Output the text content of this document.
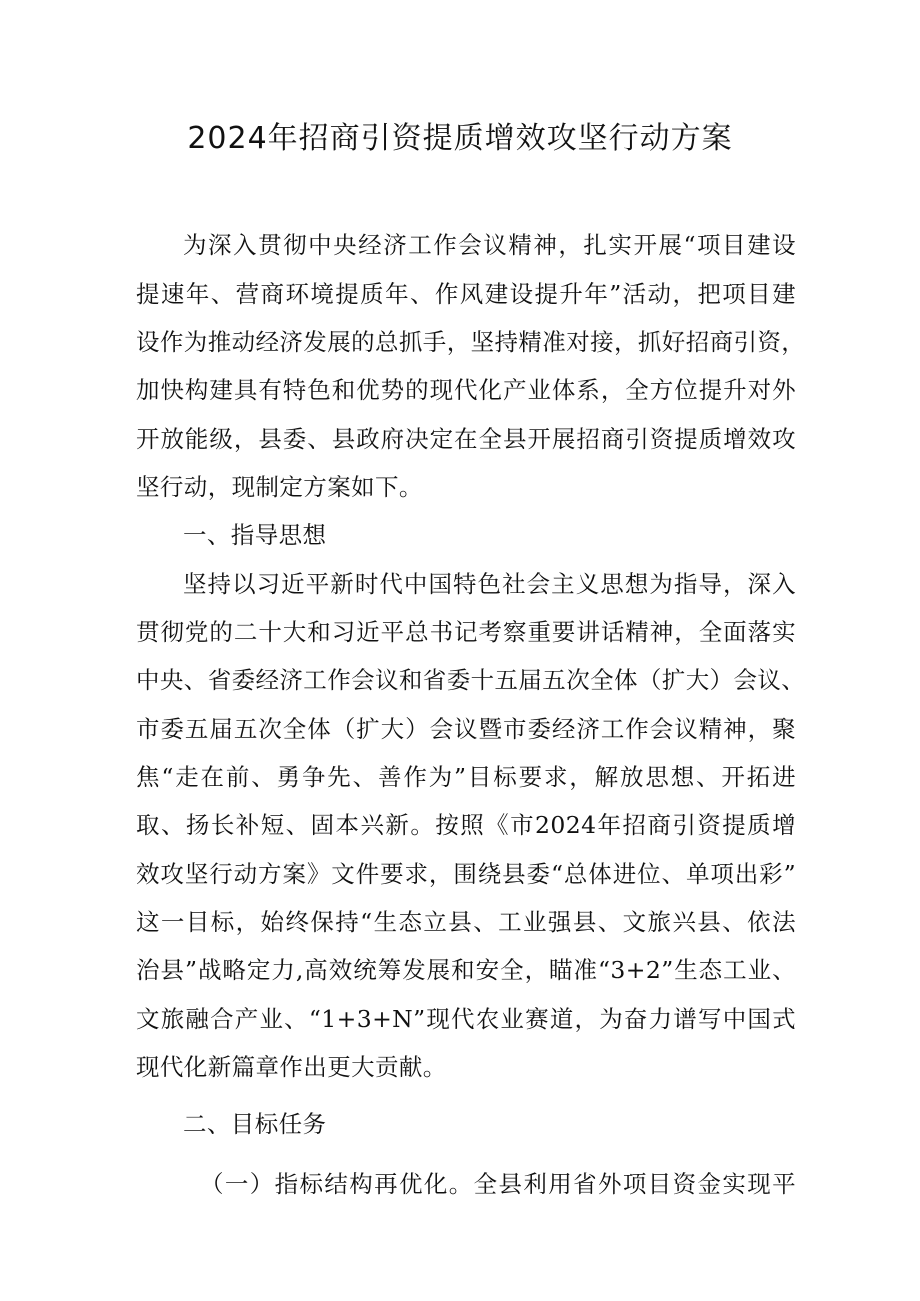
2024年招商引资提质增效攻坚行动方案

为深入贯彻中央经济工作会议精神，扎实开展“项目建设

提速年、营商环境提质年、作风建设提升年”活动，把项目建

设作为推动经济发展的总抓手，坚持精准对接，抓好招商引资，

加快构建具有特色和优势的现代化产业体系，全方位提升对外

开放能级，县委、县政府决定在全县开展招商引资提质增效攻

坚行动，现制定方案如下。

一、指导思想

坚持以习近平新时代中国特色社会主义思想为指导，深入

贯彻党的二十大和习近平总书记考察重要讲话精神，全面落实

中央、省委经济工作会议和省委十五届五次全体（扩大）会议、

市委五届五次全体（扩大）会议暨市委经济工作会议精神，聚

焦“走在前、勇争先、善作为”目标要求，解放思想、开拓进

取、扬长补短、固本兴新。按照《市2024年招商引资提质增

效攻坚行动方案》文件要求，围绕县委“总体进位、单项出彩”

这一目标，始终保持“生态立县、工业强县、文旅兴县、依法

治县”战略定力,高效统筹发展和安全，瞄准“3+2”生态工业、

文旅融合产业、“1+3+N”现代农业赛道，为奋力谱写中国式

现代化新篇章作出更大贡献。

二、目标任务

（一）指标结构再优化。全县利用省外项目资金实现平
